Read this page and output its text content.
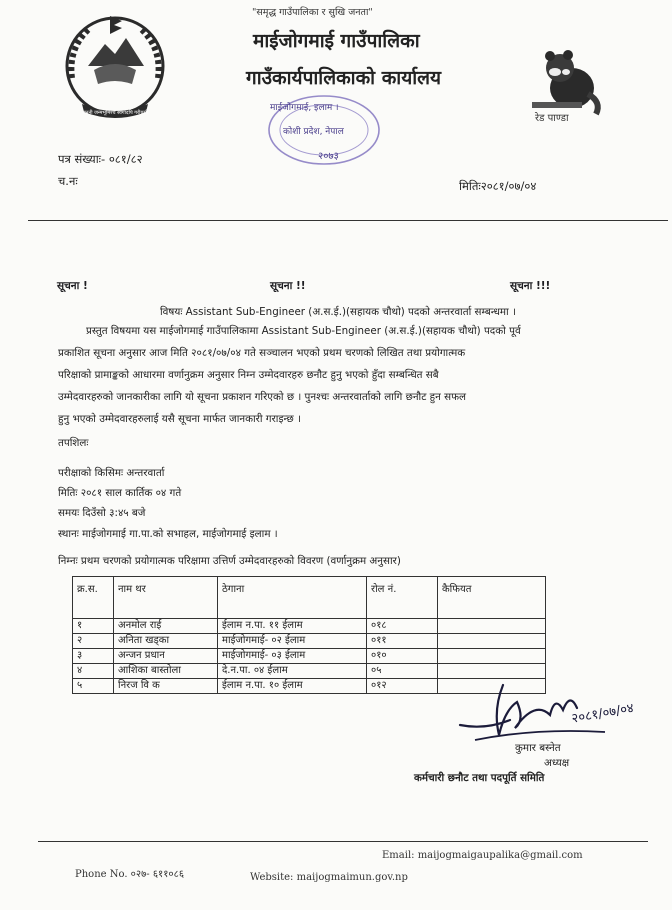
"समृद्ध गाउँपालिका र सुखि जनता"
जननी जन्मभूमिश्च स्वर्गादपि गरीयसी
माईजोगमाई गाउँपालिका
गाउँकार्यपालिकाको कार्यालय
माईजोगमाई, इलाम ।
कोशी प्रदेश, नेपाल
२०७३
रेड पाण्डा
पत्र संख्याः- ०८१/८२
च.नः	मितिः२०८१/०७/०४
सूचना !	सूचना !!	सूचना !!!
विषयः Assistant Sub-Engineer (अ.स.ई.)(सहायक चौथो) पदको अन्तरवार्ता सम्बन्धमा ।
प्रस्तुत विषयमा यस माईजोगमाई गाउँपालिकामा Assistant Sub-Engineer (अ.स.ई.)(सहायक चौथो) पदको पूर्व
प्रकाशित सूचना अनुसार आज मिति २०८१/०७/०४ गते सञ्चालन भएको प्रथम चरणको लिखित तथा प्रयोगात्मक
परिक्षाको प्रामाङ्कको आधारमा वर्णानुक्रम अनुसार निम्न उम्मेदवारहरु छनौट हुनु भएको हुँदा सम्बन्धित सबै
उम्मेदवारहरुको जानकारीका लागि यो सूचना प्रकाशन गरिएको छ । पुनश्चः अन्तरवार्ताको लागि छनौट हुन सफल
हुनु भएको उम्मेदवारहरुलाई यसै सूचना मार्फत जानकारी गराइन्छ ।
तपशिलः
परीक्षाको किसिमः अन्तरवार्ता
मितिः २०८१ साल कार्तिक ०४ गते
समयः दिउँसो ३:४५ बजे
स्थानः माईजोगमाई गा.पा.को सभाहल, माईजोगमाई इलाम ।
निम्नः प्रथम चरणको प्रयोगात्मक परिक्षामा उत्तिर्ण उम्मेदवारहरुको विवरण (वर्णानुक्रम अनुसार)
क्र.स.	नाम थर	ठेगाना	रोल नं.	कैफियत
१	अनमोल राई	ईलाम न.पा. ११ ईलाम	०१८	
२	अनिता खड्का	माईजोगमाई- ०२ ईलाम	०११	
३	अन्जन प्रधान	माईजोगमाई- ०३ ईलाम	०१०	
४	आशिका बास्तोला	दे.न.पा. ०४ ईलाम	०५	
५	निरज वि क	ईलाम न.पा. १० ईलाम	०१२	
२०८१/०७/०४
कुमार बस्नेत
अध्यक्ष
कर्मचारी छनौट तथा पदपूर्ति समिति
Phone No. ०२७- ६११०८६
Email: maijogmaigaupalika@gmail.com
Website: maijogmaimun.gov.np
